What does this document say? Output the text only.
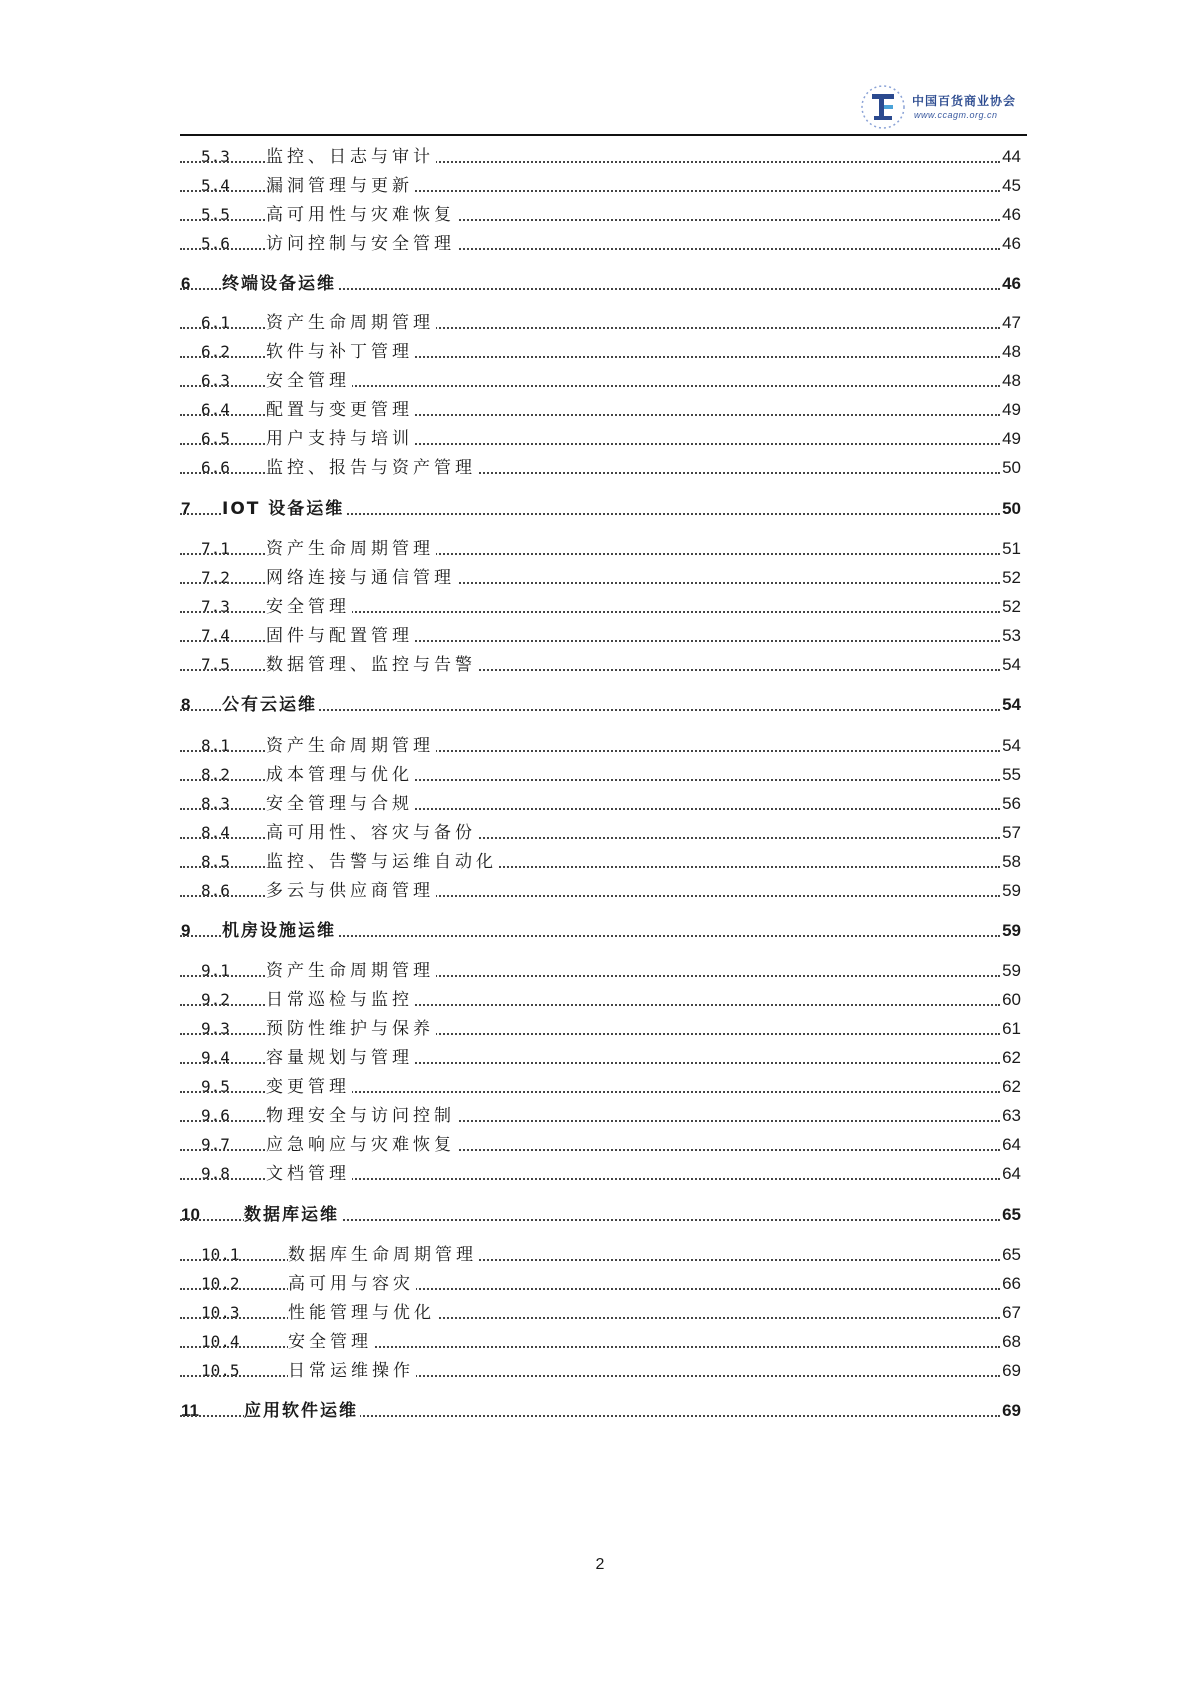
百
中国百货商业协会
www.ccagm.org.cn
5.3 监控、日志与审计	44
5.4 漏洞管理与更新	45
5.5 高可用性与灾难恢复	46
5.6 访问控制与安全管理	46
6 终端设备运维	46
6.1 资产生命周期管理	47
6.2 软件与补丁管理	48
6.3 安全管理	48
6.4 配置与变更管理	49
6.5 用户支持与培训	49
6.6 监控、报告与资产管理	50
7 IOT 设备运维	50
7.1 资产生命周期管理	51
7.2 网络连接与通信管理	52
7.3 安全管理	52
7.4 固件与配置管理	53
7.5 数据管理、监控与告警	54
8 公有云运维	54
8.1 资产生命周期管理	54
8.2 成本管理与优化	55
8.3 安全管理与合规	56
8.4 高可用性、容灾与备份	57
8.5 监控、告警与运维自动化	58
8.6 多云与供应商管理	59
9 机房设施运维	59
9.1 资产生命周期管理	59
9.2 日常巡检与监控	60
9.3 预防性维护与保养	61
9.4 容量规划与管理	62
9.5 变更管理	62
9.6 物理安全与访问控制	63
9.7 应急响应与灾难恢复	64
9.8 文档管理	64
10	数据库运维	65
10.1	数据库生命周期管理	65
10.2	高可用与容灾	66
10.3	性能管理与优化	67
10.4	安全管理	68
10.5	日常运维操作	69
11	应用软件运维	69
2
